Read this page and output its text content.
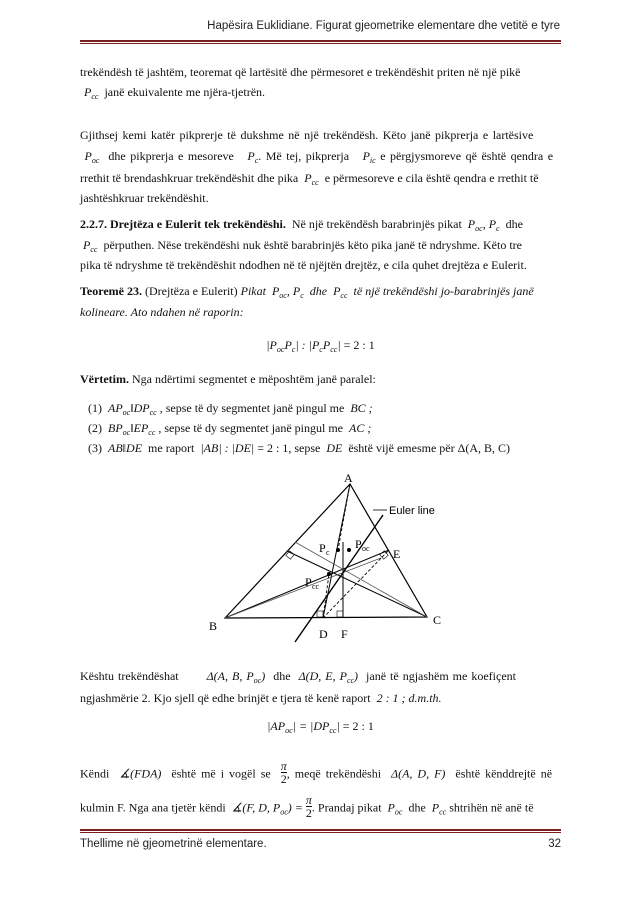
Hapësira Euklidiane. Figurat gjeometrike elementare dhe vetitë e tyre
trekëndësh të jashtëm, teoremat që lartësitë dhe përmesoret e trekëndëshit priten në një pikë
$P_{cc}$ janë ekuivalente me njëra-tjetrën.
Gjithsej kemi katër pikprerje të dukshme në një trekëndësh. Këto janë pikprerja e lartësive
$P_{oc}$ dhe pikprerja e mesoreve $P_c$. Më tej, pikprerja $P_{ic}$ e përgjysmoreve që është qendra e
rrethit të brendashkruar trekëndëshit dhe pika $P_{cc}$ e përmesoreve e cila është qendra e rrethit të
jashtëshkruar trekëndëshit.
2.2.7. Drejtëza e Eulerit tek trekëndëshi. Në një trekëndësh barabrinjës pikat $P_{oc}$, $P_c$ dhe
$P_{cc}$ përputhen. Nëse trekëndëshi nuk është barabrinjës këto pika janë të ndryshme. Këto tre
pika të ndryshme të trekëndëshit ndodhen në të njëjtën drejtëz, e cila quhet drejtëza e Eulerit.
Teoremë 23. (Drejtëza e Eulerit) Pikat $P_{oc}$, $P_c$ dhe $P_{cc}$ të një trekëndëshi jo-barabrinjës janë
kolineare. Ato ndahen në raporin:
$|P_{oc}P_c|$ : $|P_cP_{cc}| = 2$ : 1
Vërtetim. Nga ndërtimi segmentet e mëposhtëm janë paralel:
(1) $AP_{oc}‖DP_{cc}$ , sepse të dy segmentet janë pingul me BC ;
(2) $BP_{oc}‖EP_{cc}$ , sepse të dy segmentet janë pingul me AC ;
(3) AB‖DE me raport |AB| : |DE| = 2 : 1, sepse DE është vijë emesme për Δ(A, B, C)
A
B	C
D F
E
Euler line
P c
P oc
P cc
Kështu trekëndëshat Δ(A, B, $P_{oc}$) dhe Δ(D, E, $P_{cc}$) janë të ngjashëm me koefiçent
ngjashmërie 2. Kjo sjell që edhe brinjët e tjera të kenë raport 2 : 1 ; d.m.th.
$|AP_{oc}| = |DP_{cc}| = 2$ : 1
Këndi ∡(FDA) është më i vogël se $\frac{\pi}{2}$ , meqë trekëndëshi Δ(A, D, F) është kënddrejtë në
kulmin F. Nga ana tjetër këndi ∡(F, D, $P_{oc}) = \frac{\pi}{2}$ . Prandaj pikat $P_{oc}$ dhe $P_{cc}$ shtrihën në anë të
Thellime në gjeometrinë elementare.	32
